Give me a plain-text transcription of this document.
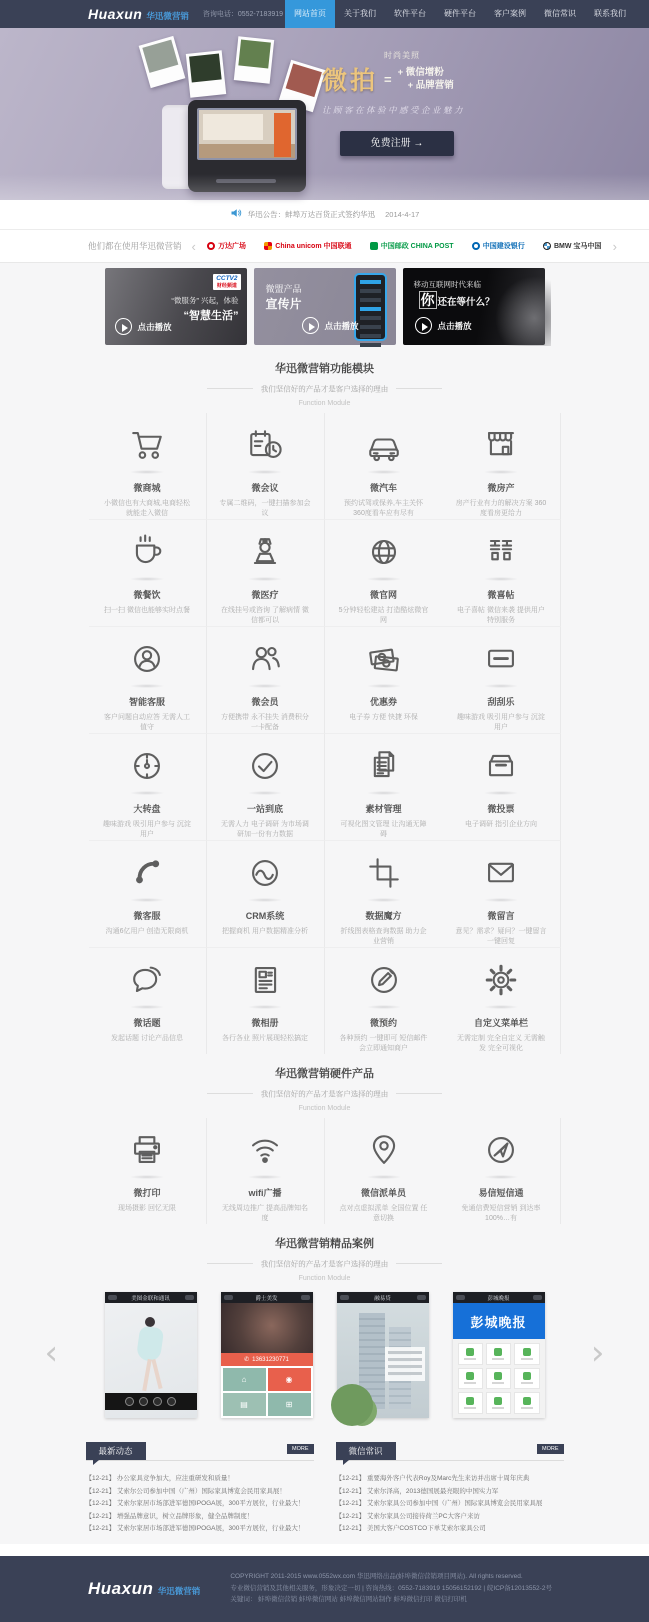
Huaxun 华迅微营销 咨询电话：0552-7183919	网站首页	关于我们	软件平台	硬件平台	客户案例	微信常识	联系我们
时尚美照
微拍 = + 微信增粉
+ 品牌营销
让顾客在体验中感受企业魅力
免费注册 →
华迅公告：蚌埠万达百货正式签约华迅 2014-4-17
他们都在使用华迅微营销 ‹	万达广场	China unicom 中国联通	中国邮政 CHINA POST	中国建设银行	BMW 宝马中国 ›
CCTV2
财经频道
“微服务” 兴起，体验
“智慧生活”
点击播放
微盟产品
宣传片
点击播放
移动互联网时代来临
你 还在等什么？
点击播放
华迅微营销功能模块
我们坚信好的产品才是客户选择的理由
Function Module
微商城
小微信也有大商城,电商轻松就能走入微信
微会议
专属二维码，一键扫描参加会议
微汽车
预约试驾或保养,车主关怀 360度看车应有尽有
微房产
房产行业有力的解决方案 360度看房更给力
微餐饮
扫一扫 微信也能够实时点餐
微医疗
在线挂号或咨询 了解病情 微信都可以
微官网
5分钟轻松建站 打造酷炫微官网
微喜帖
电子喜帖 微信来袭 提供用户特别服务
智能客服
客户问题自动应答 无需人工值守
微会员
方便携带 永不挂失 消费积分 一卡配备
优惠券
电子券 方便 快捷 环保
刮刮乐
趣味游戏 吸引用户参与 沉淀用户
大转盘
趣味游戏 吸引用户参与 沉淀用户
一站到底
无需人力 电子调研 为市场调研加一份有力数据
素材管理
可视化图文管理 让沟通无障碍
微投票
电子调研 指引企业方向
微客服
沟通6亿用户 创造无限商机
CRM系统
把握商机 用户数据精准分析
数据魔方
折线图表格查询数据 助力企业营销
微留言
意见？需求？疑问？一键留言 一键回复
微话题
发起话题 讨论产品信息
微相册
各行各业 照片展现轻松搞定
微预约
各种预约 一键即可 短信邮件会立即通知商户
自定义菜单栏
无需定制 完全自定义 无需触发 完全可视化
华迅微营销硬件产品
我们坚信好的产品才是客户选择的理由
Function Module
微打印
现场摄影 回忆无限
wifi广播
无线周边推广 提高品牌知名度
微信派单员
点对点虚拟派单 全国位置 任意切换
易信短信通
免通信费短信营销 到达率100%…有
华迅微营销精品案例
我们坚信好的产品才是客户选择的理由
Function Module
‹	›
美图金联和通讯	爵士美发
✆ 13631230771
⌂	◉
▤	⊞
融易贷	彭城晚报
彭城晚报
最新动态	MORE
【12-21】 办公家具竞争加大，应注重研发和质量！
【12-21】 艾索尔公司参加中国（广州）国际家具博览会民用家具展！
【12-21】 艾索尔家居市场部进军德国IPOGA展，300平方展位，行业最大！
【12-21】 增强品牌意识，树立品牌形象，健全品牌制度！
【12-21】 艾索尔家居市场部进军德国IPOGA展，300平方展位，行业最大！
微信常识	MORE
【12-21】 重要海外客户代表Roy及Marc先生来访并出席十周年庆典
【12-21】 艾索尔泽高，2013德国展最亮眼的中国实力军
【12-21】 艾索尔家具公司参加中国（广州）国际家具博览会民用家具展
【12-21】 艾索尔家具公司接待荷兰PC大客户来访
【12-21】 美国大客户COSTCO下单艾索尔家具公司
Huaxun 华迅微营销
COPYRIGHT 2011-2015 www.0552wx.com 华迅网络出品(蚌埠微信营销项目网站). All rights reserved.
专业微信营销及其他相关服务，形象决定一切 | 咨询热线：0552-7183919 15056152192 | 皖ICP备12013552-2号
关键词： 蚌埠微信营销 蚌埠微信网站 蚌埠微信网站制作 蚌埠微信打印 微信打印机
